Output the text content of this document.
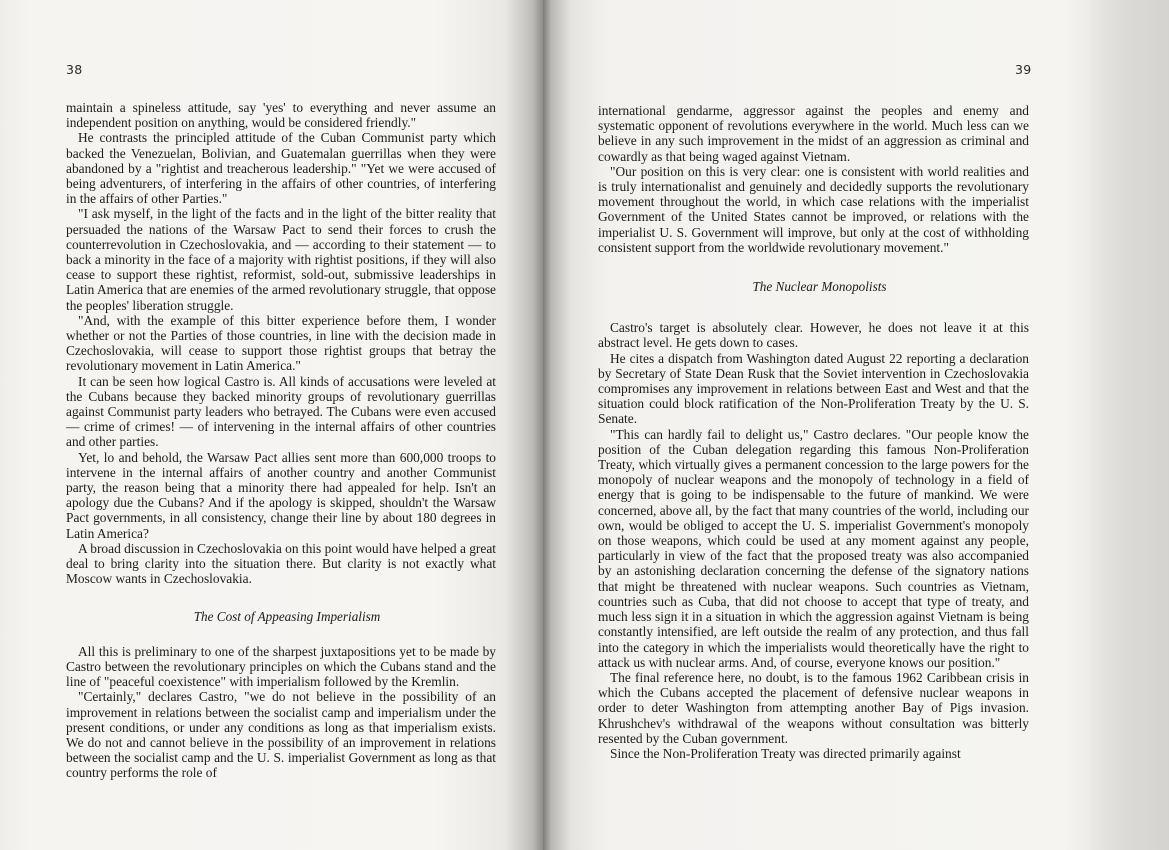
38

maintain a spineless attitude, say 'yes' to everything and never assume an independent position on anything, would be considered friendly."

He contrasts the principled attitude of the Cuban Communist party which backed the Venezuelan, Bolivian, and Guatemalan guerrillas when they were abandoned by a "rightist and treacherous leadership." "Yet we were accused of being adventurers, of interfering in the affairs of other countries, of interfering in the affairs of other Parties."

"I ask myself, in the light of the facts and in the light of the bitter reality that persuaded the nations of the Warsaw Pact to send their forces to crush the counterrevolution in Czechoslovakia, and — according to their statement — to back a minority in the face of a majority with rightist positions, if they will also cease to support these rightist, reformist, sold-out, submissive leaderships in Latin America that are enemies of the armed revolutionary struggle, that oppose the peoples' liberation struggle.

"And, with the example of this bitter experience before them, I wonder whether or not the Parties of those countries, in line with the decision made in Czechoslovakia, will cease to support those rightist groups that betray the revolutionary movement in Latin America."

It can be seen how logical Castro is. All kinds of accusations were leveled at the Cubans because they backed minority groups of revolutionary guerrillas against Communist party leaders who betrayed. The Cubans were even accused — crime of crimes! — of intervening in the internal affairs of other countries and other parties.

Yet, lo and behold, the Warsaw Pact allies sent more than 600,000 troops to intervene in the internal affairs of another country and another Communist party, the reason being that a minority there had appealed for help. Isn't an apology due the Cubans? And if the apology is skipped, shouldn't the Warsaw Pact governments, in all consistency, change their line by about 180 degrees in Latin America?

A broad discussion in Czechoslovakia on this point would have helped a great deal to bring clarity into the situation there. But clarity is not exactly what Moscow wants in Czechoslovakia.

The Cost of Appeasing Imperialism

All this is preliminary to one of the sharpest juxtapositions yet to be made by Castro between the revolutionary principles on which the Cubans stand and the line of "peaceful coexistence" with imperialism followed by the Kremlin.

"Certainly," declares Castro, "we do not believe in the possibility of an improvement in relations between the socialist camp and imperialism under the present conditions, or under any conditions as long as that imperialism exists. We do not and cannot believe in the possibility of an improvement in relations between the socialist camp and the U. S. imperialist Government as long as that country performs the role of

39

international gendarme, aggressor against the peoples and enemy and systematic opponent of revolutions everywhere in the world. Much less can we believe in any such improvement in the midst of an aggression as criminal and cowardly as that being waged against Vietnam.

"Our position on this is very clear: one is consistent with world realities and is truly internationalist and genuinely and decidedly supports the revolutionary movement throughout the world, in which case relations with the imperialist Government of the United States cannot be improved, or relations with the imperialist U. S. Government will improve, but only at the cost of withholding consistent support from the worldwide revolutionary movement."

The Nuclear Monopolists

Castro's target is absolutely clear. However, he does not leave it at this abstract level. He gets down to cases.

He cites a dispatch from Washington dated August 22 reporting a declaration by Secretary of State Dean Rusk that the Soviet intervention in Czechoslovakia compromises any improvement in relations between East and West and that the situation could block ratification of the Non-Proliferation Treaty by the U. S. Senate.

"This can hardly fail to delight us," Castro declares. "Our people know the position of the Cuban delegation regarding this famous Non-Proliferation Treaty, which virtually gives a permanent concession to the large powers for the monopoly of nuclear weapons and the monopoly of technology in a field of energy that is going to be indispensable to the future of mankind. We were concerned, above all, by the fact that many countries of the world, including our own, would be obliged to accept the U. S. imperialist Government's monopoly on those weapons, which could be used at any moment against any people, particularly in view of the fact that the proposed treaty was also accompanied by an astonishing declaration concerning the defense of the signatory nations that might be threatened with nuclear weapons. Such countries as Vietnam, countries such as Cuba, that did not choose to accept that type of treaty, and much less sign it in a situation in which the aggression against Vietnam is being constantly intensified, are left outside the realm of any protection, and thus fall into the category in which the imperialists would theoretically have the right to attack us with nuclear arms. And, of course, everyone knows our position."

The final reference here, no doubt, is to the famous 1962 Caribbean crisis in which the Cubans accepted the placement of defensive nuclear weapons in order to deter Washington from attempting another Bay of Pigs invasion. Khrushchev's withdrawal of the weapons without consultation was bitterly resented by the Cuban government.

Since the Non-Proliferation Treaty was directed primarily against
